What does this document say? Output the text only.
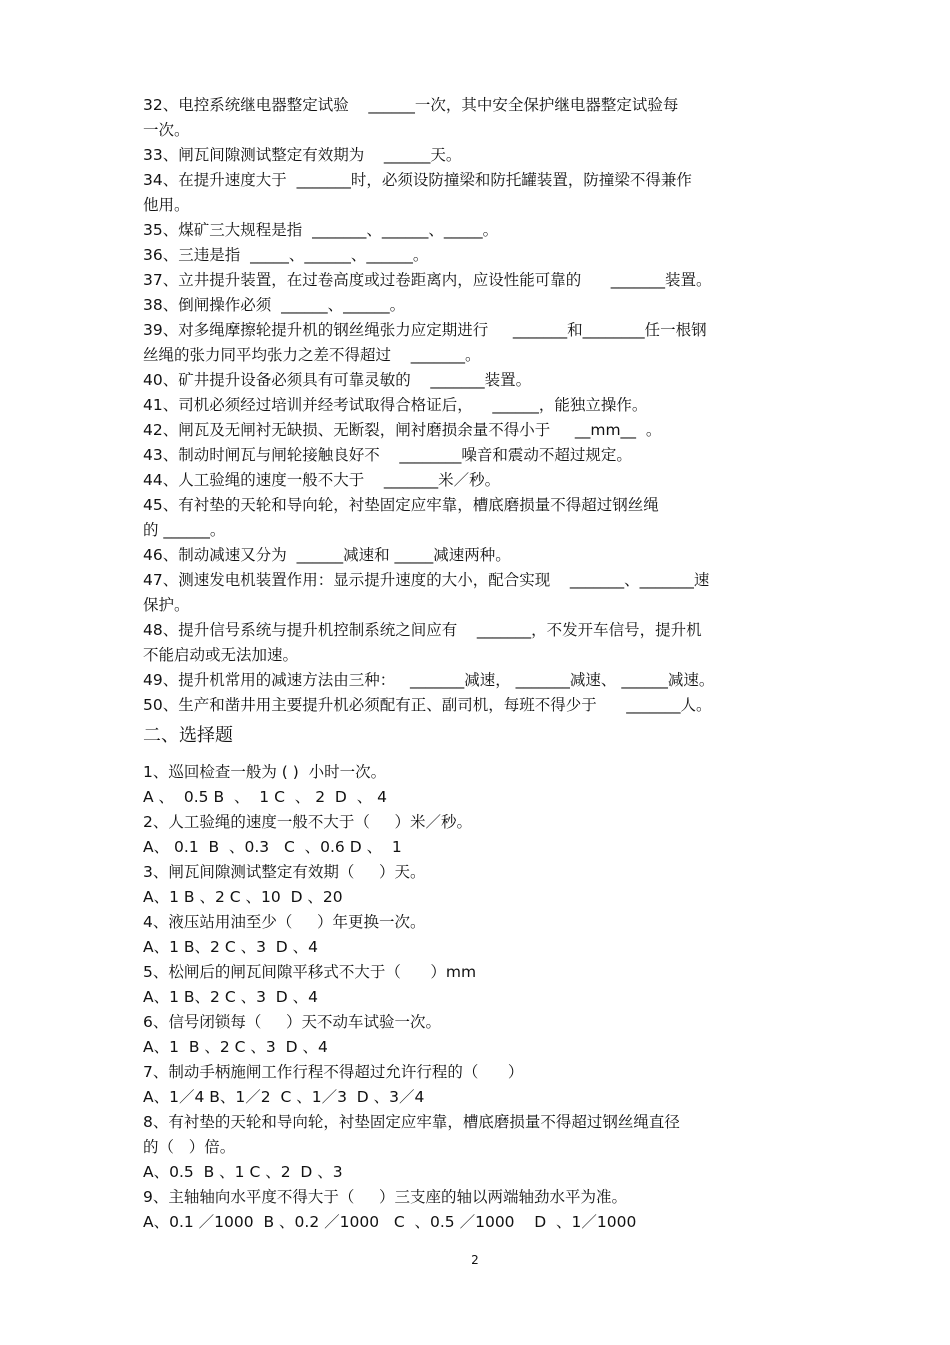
32、电控系统继电器整定试验    ______一次，其中安全保护继电器整定试验每
一次。
33、闸瓦间隙测试整定有效期为    ______天。
34、在提升速度大于  _______时，必须设防撞梁和防托罐装置，防撞梁不得兼作
他用。
35、煤矿三大规程是指  _______、______、_____。
36、三违是指  _____、______、______。
37、立井提升装置，在过卷高度或过卷距离内，应设性能可靠的      _______装置。
38、倒闸操作必须  ______、______。
39、对多绳摩擦轮提升机的钢丝绳张力应定期进行     _______和________任一根钢
丝绳的张力同平均张力之差不得超过    _______。
40、矿井提升设备必须具有可靠灵敏的    _______装置。
41、司机必须经过培训并经考试取得合格证后，    ______，能独立操作。
42、闸瓦及无闸衬无缺损、无断裂，闸衬磨损余量不得小于     __mm__  。
43、制动时闸瓦与闸轮接触良好不    ________噪音和震动不超过规定。
44、人工验绳的速度一般不大于    _______米／秒。
45、有衬垫的天轮和导向轮，衬垫固定应牢靠，槽底磨损量不得超过钢丝绳
的 ______。
46、制动减速又分为  ______减速和 _____减速两种。
47、测速发电机装置作用：显示提升速度的大小，配合实现    _______、_______速
保护。
48、提升信号系统与提升机控制系统之间应有    _______，不发开车信号，提升机
不能启动或无法加速。
49、提升机常用的减速方法由三种：   _______减速， _______减速、 ______减速。
50、生产和凿井用主要提升机必须配有正、副司机，每班不得少于      _______人。
二、选择题
1、巡回检查一般为 ( )  小时一次。
A 、  0.5 B  、  1 C  、 2  D  、 4
2、人工验绳的速度一般不大于（     ）米／秒。
A、 0.1  B  、0.3   C  、0.6 D 、  1
3、闸瓦间隙测试整定有效期（     ）天。
A、1 B 、2 C 、10  D 、20
4、液压站用油至少（     ）年更换一次。
A、1 B、2 C 、3  D 、4
5、松闸后的闸瓦间隙平移式不大于（      ）mm
A、1 B、2 C 、3  D 、4
6、信号闭锁每（     ）天不动车试验一次。
A、1  B 、2 C 、3  D 、4
7、制动手柄施闸工作行程不得超过允许行程的（      ）
A、1／4 B、1／2  C 、1／3  D 、3／4
8、有衬垫的天轮和导向轮，衬垫固定应牢靠，槽底磨损量不得超过钢丝绳直径
的（   ）倍。
A、0.5  B 、1 C 、2  D 、3
9、主轴轴向水平度不得大于（     ）三支座的轴以两端轴劲水平为准。
A、0.1 ／1000  B 、0.2 ／1000   C  、0.5 ／1000    D  、1／1000
2
